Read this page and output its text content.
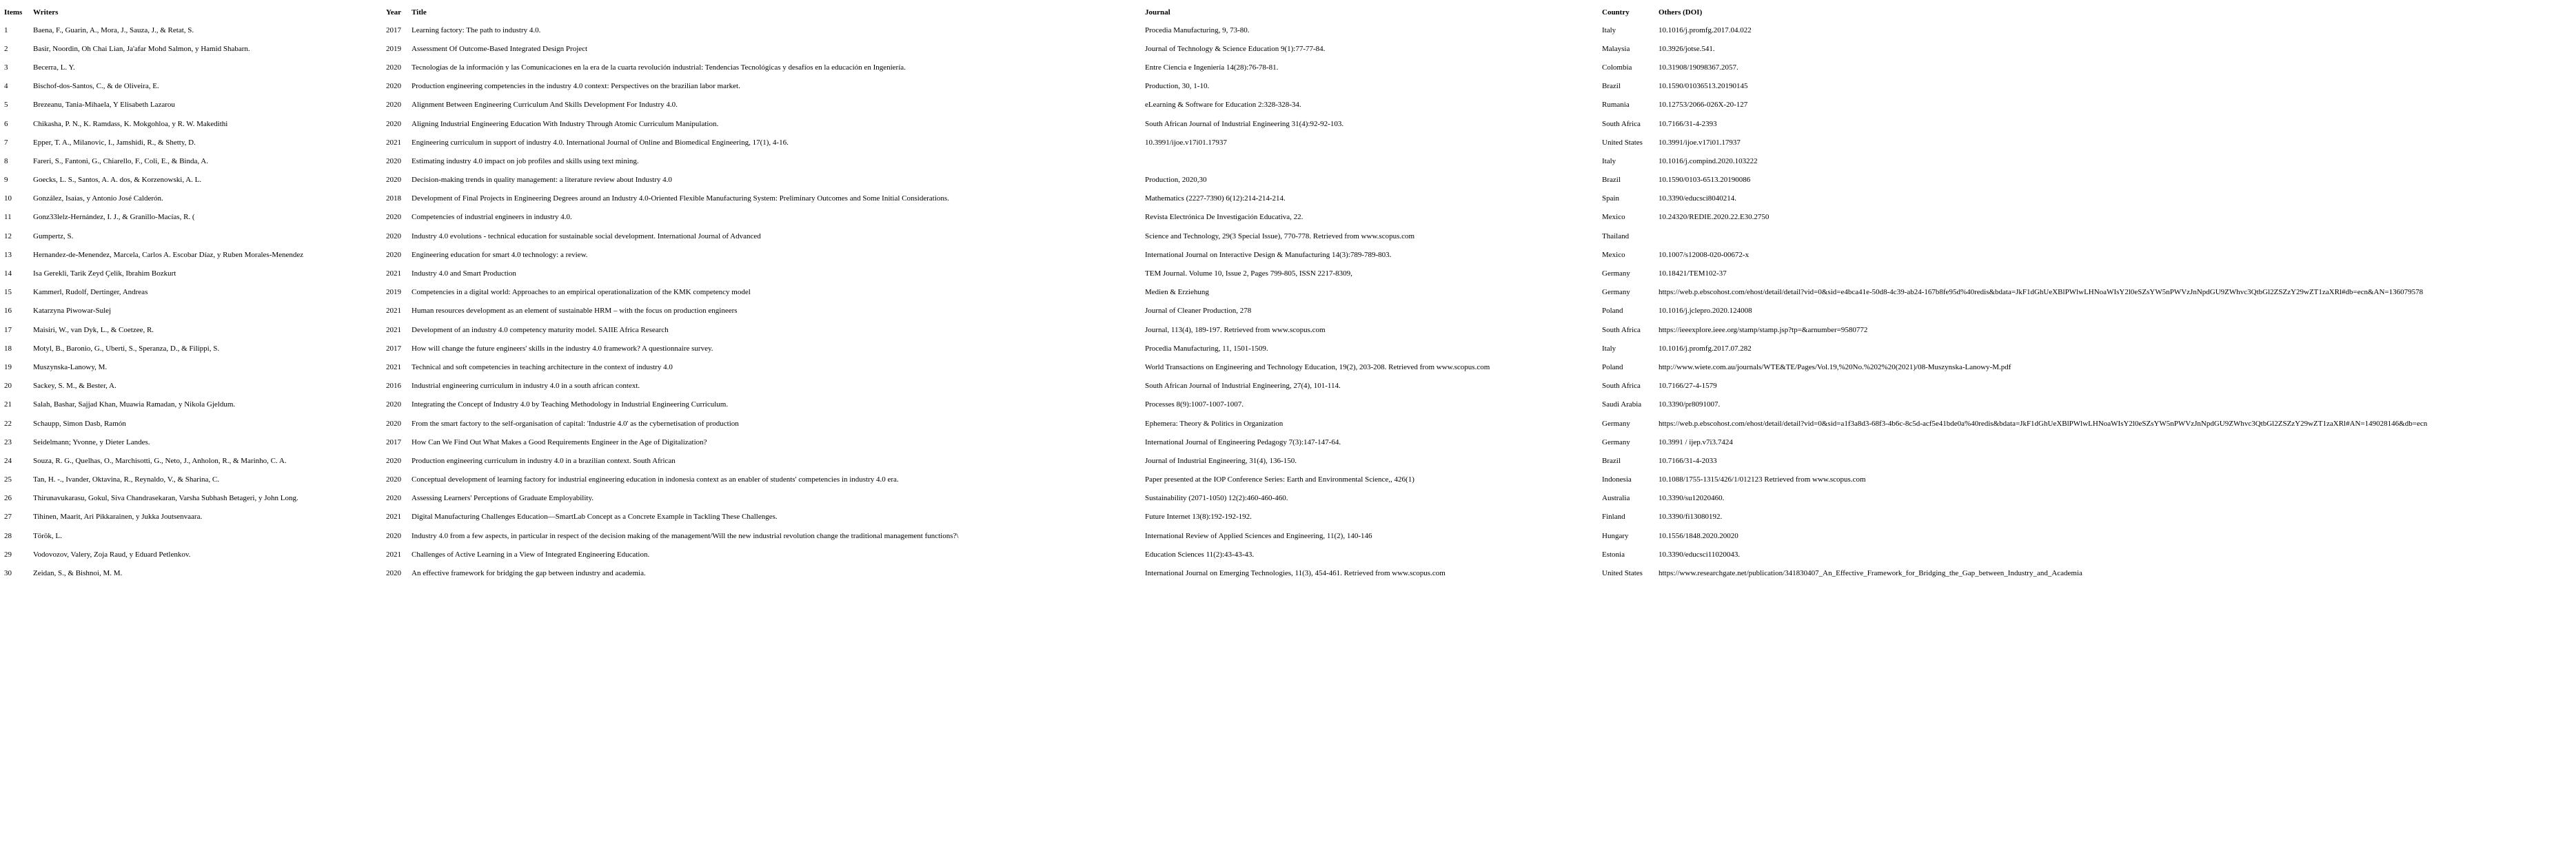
Items	Writers	Year	Title	Journal	Country	Others (DOI)
1	Baena, F., Guarin, A., Mora, J., Sauza, J., & Retat, S.	2017	Learning factory: The path to industry 4.0.	Procedia Manufacturing, 9, 73-80.	Italy	10.1016/j.promfg.2017.04.022
2	Basir, Noordin, Oh Chai Lian, Ja'afar Mohd Salmon, y Hamid Shabarn.	2019	Assessment Of Outcome-Based Integrated Design Project	Journal of Technology & Science Education 9(1):77-77-84.	Malaysia	10.3926/jotse.541.
3	Becerra, L. Y.	2020	Tecnologías de la información y las Comunicaciones en la era de la cuarta revolución industrial: Tendencias Tecnológicas y desafíos en la educación en Ingeniería.	Entre Ciencia e Ingeniería 14(28):76-78-81.	Colombia	10.31908/19098367.2057.
4	Bischof-dos-Santos, C., & de Oliveira, E.	2020	Production engineering competencies in the industry 4.0 context: Perspectives on the brazilian labor market.	Production, 30, 1-10.	Brazil	10.1590/01036513.20190145
5	Brezeanu, Tania-Mihaela, Y Elisabeth Lazarou	2020	Alignment Between Engineering Curriculum And Skills Development For Industry 4.0.	eLearning & Software for Education 2:328-328-34.	Rumania	10.12753/2066-026X-20-127
6	Chikasha, P. N., K. Ramdass, K. Mokgohloa, y R. W. Makedithi	2020	Aligning Industrial Engineering Education With Industry Through Atomic Curriculum Manipulation.	South African Journal of Industrial Engineering 31(4):92-92-103.	South Africa	10.7166/31-4-2393
7	Epper, T. A., Milanovic, I., Jamshidi, R., & Shetty, D.	2021	Engineering curriculum in support of industry 4.0. International Journal of Online and Biomedical Engineering, 17(1), 4-16.	10.3991/ijoe.v17i01.17937	United States	10.3991/ijoe.v17i01.17937
8	Fareri, S., Fantoni, G., Chiarello, F., Coli, E., & Binda, A.	2020	Estimating industry 4.0 impact on job profiles and skills using text mining.		Italy	10.1016/j.compind.2020.103222
9	Goecks, L. S., Santos, A. A. dos, & Korzenowski, A. L.	2020	Decision-making trends in quality management: a literature review about Industry 4.0	Production, 2020,30	Brazil	10.1590/0103-6513.20190086
10	González, Isaías, y Antonio José Calderón.	2018	Development of Final Projects in Engineering Degrees around an Industry 4.0-Oriented Flexible Manufacturing System: Preliminary Outcomes and Some Initial Considerations.	Mathematics (2227-7390) 6(12):214-214-214.	Spain	10.3390/educsci8040214.
11	Gonz33lelz-Hernández, I. J., & Granillo-Macías, R. (	2020	Competencies of industrial engineers in industry 4.0.	Revista Electrónica De Investigación Educativa, 22.	Mexico	10.24320/REDIE.2020.22.E30.2750
12	Gumpertz, S.	2020	Industry 4.0 evolutions - technical education for sustainable social development. International Journal of Advanced	Science and Technology, 29(3 Special Issue), 770-778. Retrieved from www.scopus.com	Thailand	
13	Hernandez-de-Menendez, Marcela, Carlos A. Escobar Díaz, y Ruben Morales-Menendez	2020	Engineering education for smart 4.0 technology: a review.	International Journal on Interactive Design & Manufacturing 14(3):789-789-803.	Mexico	10.1007/s12008-020-00672-x
14	Isa Gerekli, Tarik Zeyd Çelik, Ibrahim Bozkurt	2021	Industry 4.0 and Smart Production	TEM Journal. Volume 10, Issue 2, Pages 799-805, ISSN 2217-8309,	Germany	10.18421/TEM102-37
15	Kammerl, Rudolf, Dertinger, Andreas	2019	Competencies in a digital world: Approaches to an empirical operationalization of the KMK competency model	Medien & Erziehung	Germany	https://web.p.ebscohost.com/ehost/detail/detail?vid=0&sid=e4bca41e-50d8-4c39-ab24-167b8fe95d%40redis&bdata=JkF1dGhUeXBlPWlwLHNoaWIsY2l0eSZsYW5nPWVzJnNpdGU9ZWhvc3QtbGl2ZSZzY29wZT1zaXRl#db=ecn&AN=136079578
16	Katarzyna Piwowar-Sulej	2021	Human resources development as an element of sustainable HRM – with the focus on production engineers	Journal of Cleaner Production, 278	Poland	10.1016/j.jclepro.2020.124008
17	Maisiri, W., van Dyk, L., & Coetzee, R.	2021	Development of an industry 4.0 competency maturity model. SAIIE Africa Research	Journal, 113(4), 189-197. Retrieved from www.scopus.com	South Africa	https://ieeexplore.ieee.org/stamp/stamp.jsp?tp=&arnumber=9580772
18	Motyl, B., Baronio, G., Uberti, S., Speranza, D., & Filippi, S.	2017	How will change the future engineers' skills in the industry 4.0 framework? A questionnaire survey.	Procedia Manufacturing, 11, 1501-1509.	Italy	10.1016/j.promfg.2017.07.282
19	Muszynska-Lanowy, M.	2021	Technical and soft competencies in teaching architecture in the context of industry 4.0	World Transactions on Engineering and Technology Education, 19(2), 203-208. Retrieved from www.scopus.com	Poland	http://www.wiete.com.au/journals/WTE&TE/Pages/Vol.19,%20No.%202%20(2021)/08-Muszynska-Lanowy-M.pdf
20	Sackey, S. M., & Bester, A.	2016	Industrial engineering curriculum in industry 4.0 in a south african context.	South African Journal of Industrial Engineering, 27(4), 101-114.	South Africa	10.7166/27-4-1579
21	Salah, Bashar, Sajjad Khan, Muawia Ramadan, y Nikola Gjeldum.	2020	Integrating the Concept of Industry 4.0 by Teaching Methodology in Industrial Engineering Curriculum.	Processes 8(9):1007-1007-1007.	Saudi Arabia	10.3390/pr8091007.
22	Schaupp, Simon Dasb, Ramón	2020	From the smart factory to the self-organisation of capital: 'Industrie 4.0' as the cybernetisation of production	Ephemera: Theory & Politics in Organization	Germany	https://web.p.ebscohost.com/ehost/detail/detail?vid=0&sid=a1f3a8d3-68f3-4b6c-8c5d-acf5e41bde0a%40redis&bdata=JkF1dGhUeXBlPWlwLHNoaWIsY2l0eSZsYW5nPWVzJnNpdGU9ZWhvc3QtbGl2ZSZzY29wZT1zaXRl#AN=149028146&db=ecn
23	Seidelmann; Yvonne, y Dieter Landes.	2017	How Can We Find Out What Makes a Good Requirements Engineer in the Age of Digitalization?	International Journal of Engineering Pedagogy 7(3):147-147-64.	Germany	10.3991 / ijep.v7i3.7424
24	Souza, R. G., Quelhas, O., Marchisotti, G., Neto, J., Anholon, R., & Marinho, C. A.	2020	Production engineering curriculum in industry 4.0 in a brazilian context. South African	Journal of Industrial Engineering, 31(4), 136-150.	Brazil	10.7166/31-4-2033
25	Tan, H. -., Ivander, Oktavina, R., Reynaldo, V., & Sharina, C.	2020	Conceptual development of learning factory for industrial engineering education in indonesia context as an enabler of students' competencies in industry 4.0 era.	Paper presented at the IOP Conference Series: Earth and Environmental Science,, 426(1)	Indonesia	10.1088/1755-1315/426/1/012123 Retrieved from www.scopus.com
26	Thirunavukarasu, Gokul, Siva Chandrasekaran, Varsha Subhash Betageri, y John Long.	2020	Assessing Learners' Perceptions of Graduate Employability.	Sustainability (2071-1050) 12(2):460-460-460.	Australia	10.3390/su12020460.
27	Tihinen, Maarit, Ari Pikkarainen, y Jukka Joutsenvaara.	2021	Digital Manufacturing Challenges Education—SmartLab Concept as a Concrete Example in Tackling These Challenges.	Future Internet 13(8):192-192-192.	Finland	10.3390/fi13080192.
28	Török, L.	2020	Industry 4.0 from a few aspects, in particular in respect of the decision making of the management/Will the new industrial revolution change the traditional management functions?\	International Review of Applied Sciences and Engineering, 11(2), 140-146	Hungary	10.1556/1848.2020.20020
29	Vodovozov, Valery, Zoja Raud, y Eduard Petlenkov.	2021	Challenges of Active Learning in a View of Integrated Engineering Education.	Education Sciences 11(2):43-43-43.	Estonia	10.3390/educsci11020043.
30	Zeidan, S., & Bishnoi, M. M.	2020	An effective framework for bridging the gap between industry and academia.	International Journal on Emerging Technologies, 11(3), 454-461. Retrieved from www.scopus.com	United States	https://www.researchgate.net/publication/341830407_An_Effective_Framework_for_Bridging_the_Gap_between_Industry_and_Academia
